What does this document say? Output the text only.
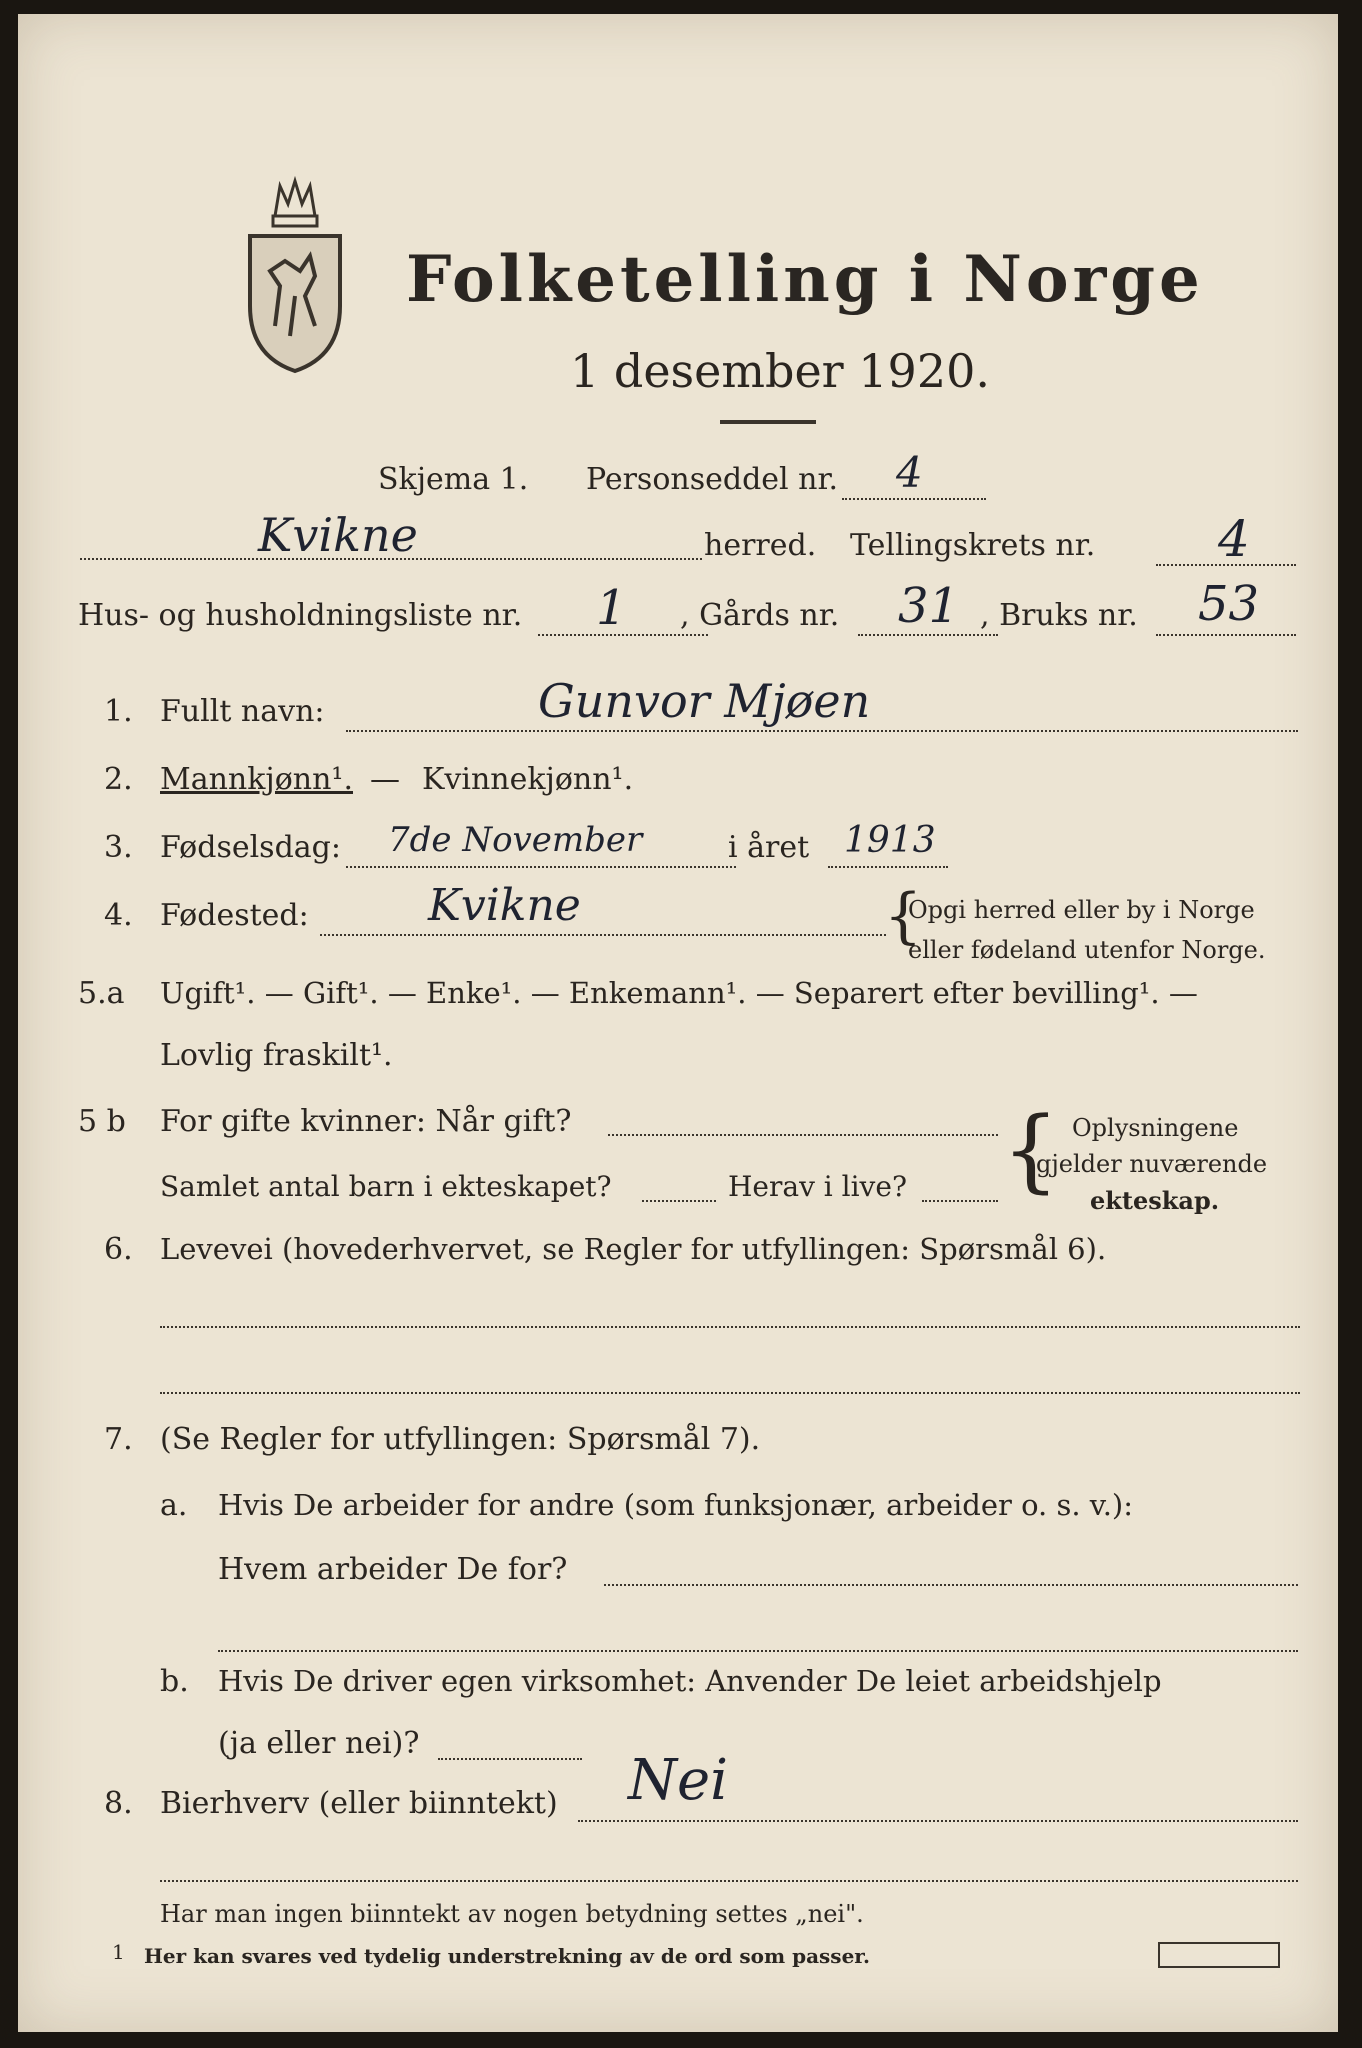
Folketelling i Norge
1 desember 1920.
Skjema 1. Personseddel nr. 4
Kvikne	herred. Tellingskrets nr. 4
Hus- og husholdningsliste nr. 1 , Gårds nr. 31 , Bruks nr. 53
1. Fullt navn:	Gunvor Mjøen
2. Mannkjønn¹. — Kvinnekjønn¹.
3. Fødselsdag: 7de November	i året 1913
4. Fødested:	Kvikne	{
Opgi herred eller by i Norge
eller fødeland utenfor Norge.
5.a Ugift¹. — Gift¹. — Enke¹. — Enkemann¹. — Separert efter bevilling¹. —
Lovlig fraskilt¹.
5 b For gifte kvinner: Når gift?
Samlet antal barn i ekteskapet?	Herav i live? { Oplysningene
gjelder nuværende
ekteskap.
6. Levevei (hovederhvervet, se Regler for utfyllingen: Spørsmål 6).
7. (Se Regler for utfyllingen: Spørsmål 7).
a. Hvis De arbeider for andre (som funksjonær, arbeider o. s. v.):
Hvem arbeider De for?
b. Hvis De driver egen virksomhet: Anvender De leiet arbeidshjelp
(ja eller nei)?
8. Bierhverv (eller biinntekt) Nei
Har man ingen biinntekt av nogen betydning settes „nei".
1 Her kan svares ved tydelig understrekning av de ord som passer.
